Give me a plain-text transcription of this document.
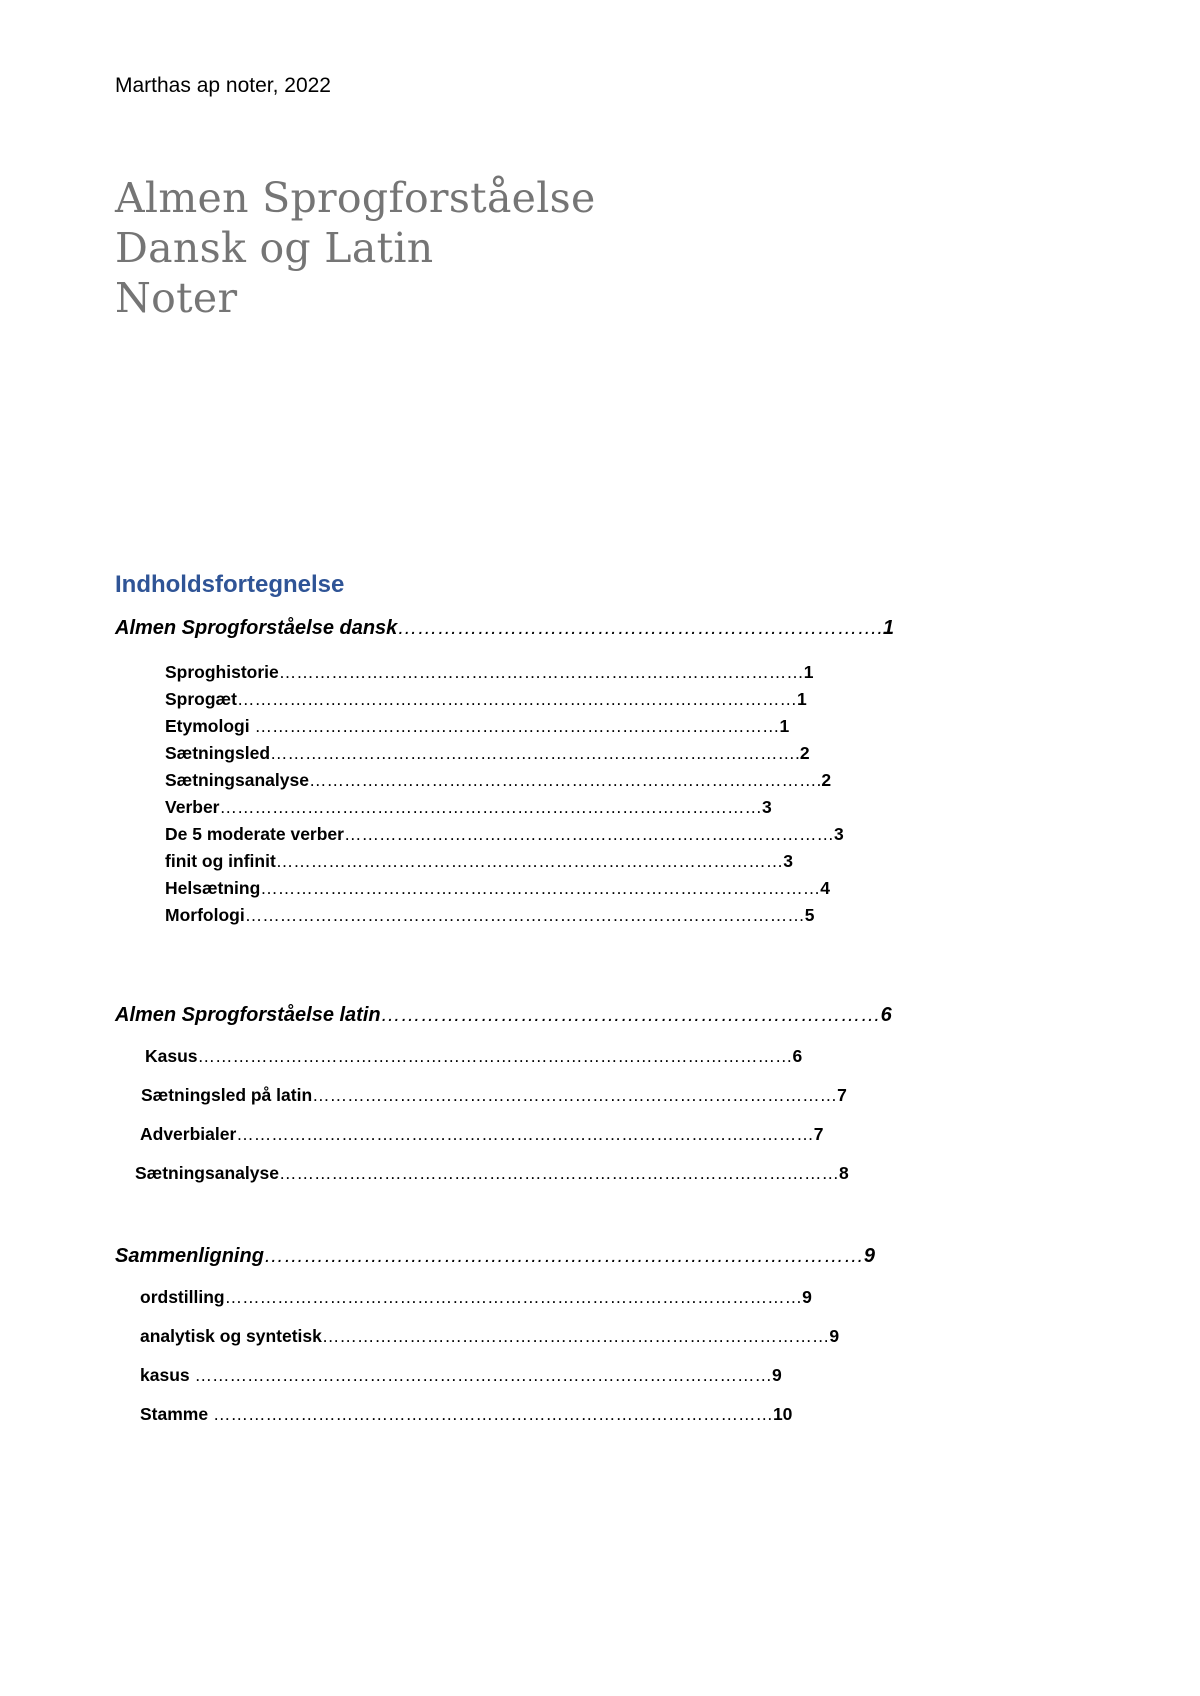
Marthas ap noter, 2022
Almen Sprogforståelse
Dansk og Latin
Noter
Indholdsfortegnelse
Almen Sprogforståelse dansk……………………………………………………………….1
Sproghistorie………………………………………………………………………………1
Sprogæt……………………………………………………………………………………1
Etymologi ………………………………………………………………………………1
Sætningsled……………………………………………………………………………….2
Sætningsanalyse…………………………………………………………………………….2
Verber…………………………………………………………………………………3
De 5 moderate verber…………………………………………………………………………3
finit og infinit……………………………………………………………………………3
Helsætning……………………………………………………………………………………4
Morfologi……………………………………………………………………………………5
Almen Sprogforståelse latin…………………………………………………………………6
Kasus…………………………………………………………………………………………6
Sætningsled på latin………………………………………………………………………………7
Adverbialer………………………………………………………………………………………7
Sætningsanalyse……………………………………………………………………………………8
Sammenligning………………………………………………………………………………9
ordstilling………………………………………………………………………………………9
analytisk og syntetisk……………………………………………………………………………9
kasus ………………………………………………………………………………………9
Stamme ……………………………………………………………………………………10
